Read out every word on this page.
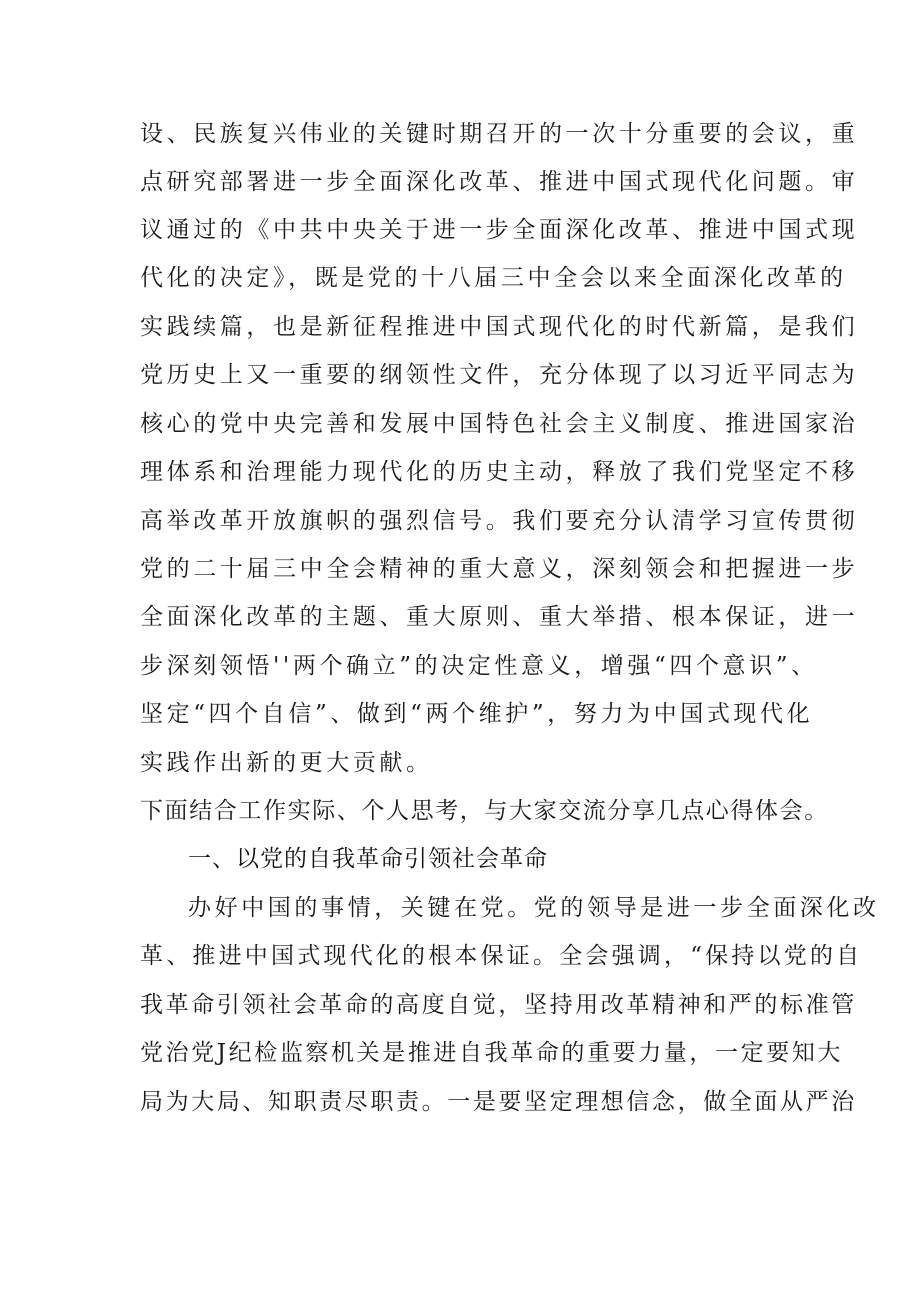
设、民族复兴伟业的关键时期召开的一次十分重要的会议，重
点研究部署进一步全面深化改革、推进中国式现代化问题。审
议通过的《中共中央关于进一步全面深化改革、推进中国式现
代化的决定》，既是党的十八届三中全会以来全面深化改革的
实践续篇，也是新征程推进中国式现代化的时代新篇，是我们
党历史上又一重要的纲领性文件，充分体现了以习近平同志为
核心的党中央完善和发展中国特色社会主义制度、推进国家治
理体系和治理能力现代化的历史主动，释放了我们党坚定不移
高举改革开放旗帜的强烈信号。我们要充分认清学习宣传贯彻
党的二十届三中全会精神的重大意义，深刻领会和把握进一步
全面深化改革的主题、重大原则、重大举措、根本保证，进一
步深刻领悟''两个确立”的决定性意义，增强“四个意识”、
坚定“四个自信”、做到“两个维护”，努力为中国式现代化
实践作出新的更大贡献。
下面结合工作实际、个人思考，与大家交流分享几点心得体会。
一、以党的自我革命引领社会革命
办好中国的事情，关键在党。党的领导是进一步全面深化改
革、推进中国式现代化的根本保证。全会强调，“保持以党的自
我革命引领社会革命的高度自觉，坚持用改革精神和严的标准管
党治党J纪检监察机关是推进自我革命的重要力量，一定要知大
局为大局、知职责尽职责。一是要坚定理想信念，做全面从严治
